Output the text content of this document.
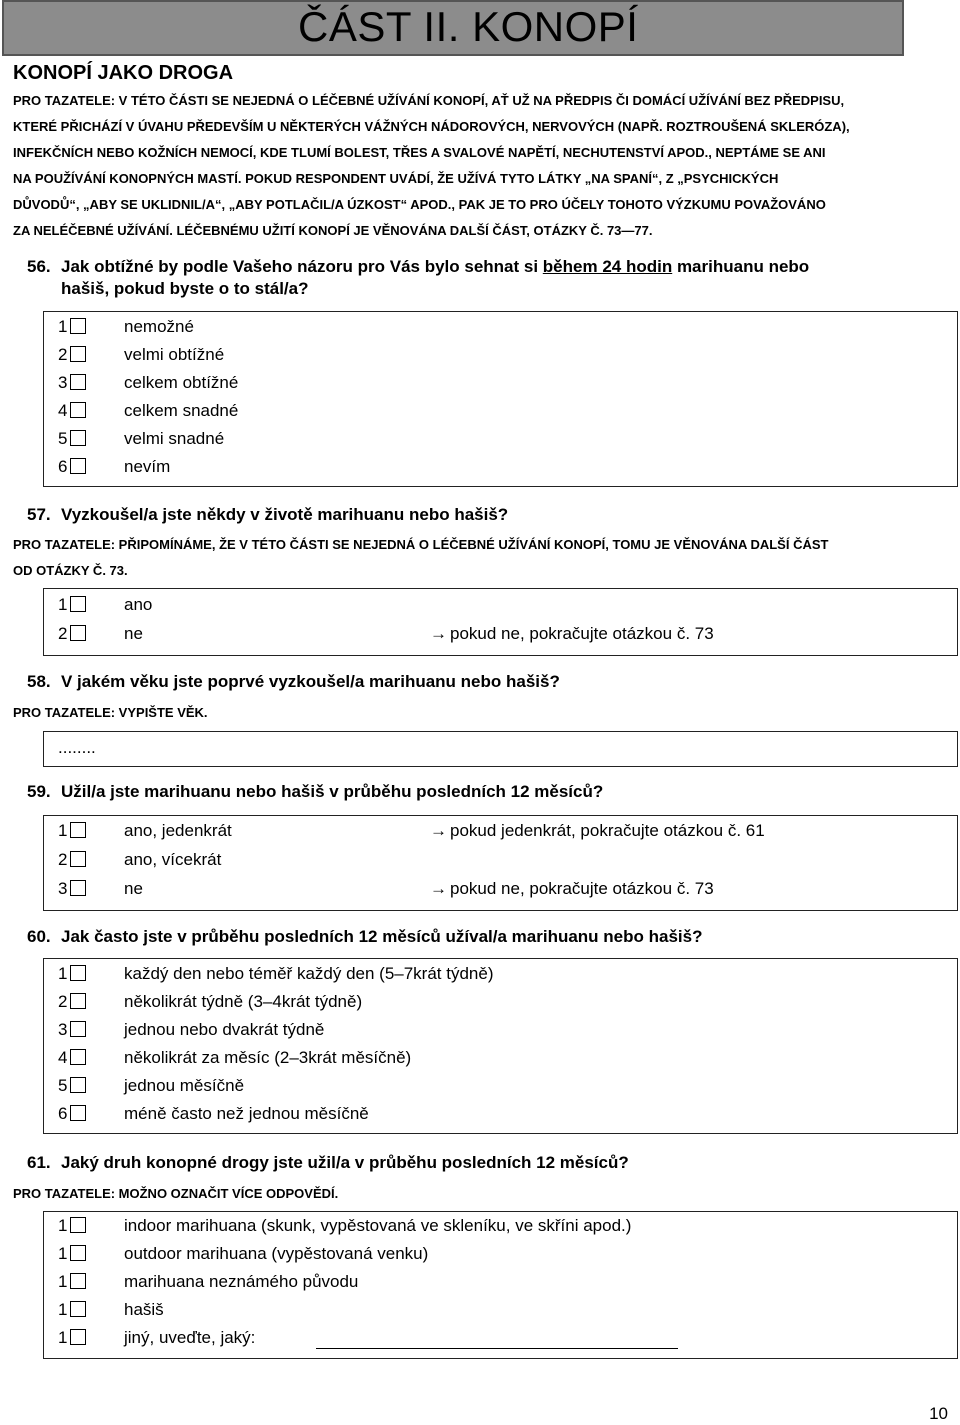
ČÁST II. KONOPÍ
KONOPÍ JAKO DROGA
PRO TAZATELE: V TÉTO ČÁSTI SE NEJEDNÁ O LÉČEBNÉ UŽÍVÁNÍ KONOPÍ, AŤ UŽ NA PŘEDPIS ČI DOMÁCÍ UŽÍVÁNÍ BEZ PŘEDPISU,
KTERÉ PŘICHÁZÍ V ÚVAHU PŘEDEVŠÍM U NĚKTERÝCH VÁŽNÝCH NÁDOROVÝCH, NERVOVÝCH (NAPŘ. ROZTROUŠENÁ SKLERÓZA),
INFEKČNÍCH NEBO KOŽNÍCH NEMOCÍ, KDE TLUMÍ BOLEST, TŘES A SVALOVÉ NAPĚTÍ, NECHUTENSTVÍ APOD., NEPTÁME SE ANI
NA POUŽÍVÁNÍ KONOPNÝCH MASTÍ. POKUD RESPONDENT UVÁDÍ, ŽE UŽÍVÁ TYTO LÁTKY „NA SPANÍ“, Z „PSYCHICKÝCH
DŮVODŮ“, „ABY SE UKLIDNIL/A“, „ABY POTLAČIL/A ÚZKOST“ APOD., PAK JE TO PRO ÚČELY TOHOTO VÝZKUMU POVAŽOVÁNO
ZA NELÉČEBNÉ UŽÍVÁNÍ. LÉČEBNÉMU UŽITÍ KONOPÍ JE VĚNOVÁNA DALŠÍ ČÁST, OTÁZKY Č. 73—77.
56. Jak obtížné by podle Vašeho názoru pro Vás bylo sehnat si během 24 hodin marihuanu nebo
hašiš, pokud byste o to stál/a?
1	nemožné
2	velmi obtížné
3	celkem obtížné
4	celkem snadné
5	velmi snadné
6	nevím
57. Vyzkoušel/a jste někdy v životě marihuanu nebo hašiš?
PRO TAZATELE: PŘIPOMÍNÁME, ŽE V TÉTO ČÁSTI SE NEJEDNÁ O LÉČEBNÉ UŽÍVÁNÍ KONOPÍ, TOMU JE VĚNOVÁNA DALŠÍ ČÁST
OD OTÁZKY Č. 73.
1	ano
2	ne	→ pokud ne, pokračujte otázkou č. 73
58. V jakém věku jste poprvé vyzkoušel/a marihuanu nebo hašiš?
PRO TAZATELE: VYPIŠTE VĚK.
........
59. Užil/a jste marihuanu nebo hašiš v průběhu posledních 12 měsíců?
1	ano, jedenkrát	→ pokud jedenkrát, pokračujte otázkou č. 61
2	ano, vícekrát
3	ne	→ pokud ne, pokračujte otázkou č. 73
60. Jak často jste v průběhu posledních 12 měsíců užíval/a marihuanu nebo hašiš?
1	každý den nebo téměř každý den (5–7krát týdně)
2	několikrát týdně (3–4krát týdně)
3	jednou nebo dvakrát týdně
4	několikrát za měsíc (2–3krát měsíčně)
5	jednou měsíčně
6	méně často než jednou měsíčně
61. Jaký druh konopné drogy jste užil/a v průběhu posledních 12 měsíců?
PRO TAZATELE: MOŽNO OZNAČIT VÍCE ODPOVĚDÍ.
1	indoor marihuana (skunk, vypěstovaná ve skleníku, ve skříni apod.)
1	outdoor marihuana (vypěstovaná venku)
1	marihuana neznámého původu
1	hašiš
1	jiný, uveďte, jaký:
10
